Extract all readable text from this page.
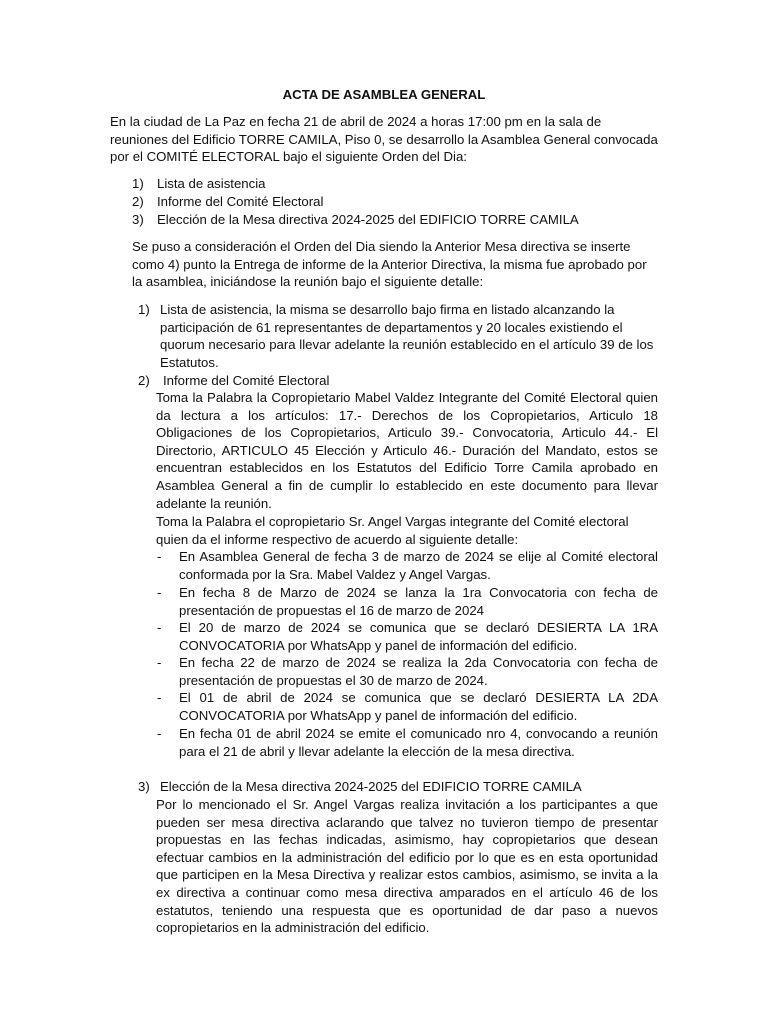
ACTA DE ASAMBLEA GENERAL

En la ciudad de La Paz en fecha 21 de abril de 2024 a horas 17:00 pm en la sala de reuniones del Edificio TORRE CAMILA, Piso 0, se desarrollo la Asamblea General convocada por el COMITÉ ELECTORAL bajo el siguiente Orden del Dia:

1) Lista de asistencia
2) Informe del Comité Electoral
3) Elección de la Mesa directiva 2024-2025 del EDIFICIO TORRE CAMILA

Se puso a consideración el Orden del Dia siendo la Anterior Mesa directiva se inserte como 4) punto la Entrega de informe de la Anterior Directiva, la misma fue aprobado por la asamblea, iniciándose la reunión bajo el siguiente detalle:

1) Lista de asistencia, la misma se desarrollo bajo firma en listado alcanzando la participación de 61 representantes de departamentos y 20 locales existiendo el quorum necesario para llevar adelante la reunión establecido en el artículo 39 de los Estatutos.

2) Informe del Comité Electoral

Toma la Palabra la Copropietario Mabel Valdez Integrante del Comité Electoral quien da lectura a los artículos: 17.- Derechos de los Copropietarios, Articulo 18 Obligaciones de los Copropietarios, Articulo 39.- Convocatoria, Articulo 44.- El Directorio, ARTICULO 45 Elección y Articulo 46.- Duración del Mandato, estos se encuentran establecidos en los Estatutos del Edificio Torre Camila aprobado en Asamblea General a fin de cumplir lo establecido en este documento para llevar adelante la reunión.

Toma la Palabra el copropietario Sr. Angel Vargas integrante del Comité electoral quien da el informe respectivo de acuerdo al siguiente detalle:

- En Asamblea General de fecha 3 de marzo de 2024 se elije al Comité electoral conformada por la Sra. Mabel Valdez y Angel Vargas.

- En fecha 8 de Marzo de 2024 se lanza la 1ra Convocatoria con fecha de presentación de propuestas el 16 de marzo de 2024

- El 20 de marzo de 2024 se comunica que se declaró DESIERTA LA 1RA CONVOCATORIA por WhatsApp y panel de información del edificio.

- En fecha 22 de marzo de 2024 se realiza la 2da Convocatoria con fecha de presentación de propuestas el 30 de marzo de 2024.

- El 01 de abril de 2024 se comunica que se declaró DESIERTA LA 2DA CONVOCATORIA por WhatsApp y panel de información del edificio.

- En fecha 01 de abril 2024 se emite el comunicado nro 4, convocando a reunión para el 21 de abril y llevar adelante la elección de la mesa directiva.

3) Elección de la Mesa directiva 2024-2025 del EDIFICIO TORRE CAMILA

Por lo mencionado el Sr. Angel Vargas realiza invitación a los participantes a que pueden ser mesa directiva aclarando que talvez no tuvieron tiempo de presentar propuestas en las fechas indicadas, asimismo, hay copropietarios que desean efectuar cambios en la administración del edificio por lo que es en esta oportunidad que participen en la Mesa Directiva y realizar estos cambios, asimismo, se invita a la ex directiva a continuar como mesa directiva amparados en el artículo 46 de los estatutos, teniendo una respuesta que es oportunidad de dar paso a nuevos copropietarios en la administración del edificio.
